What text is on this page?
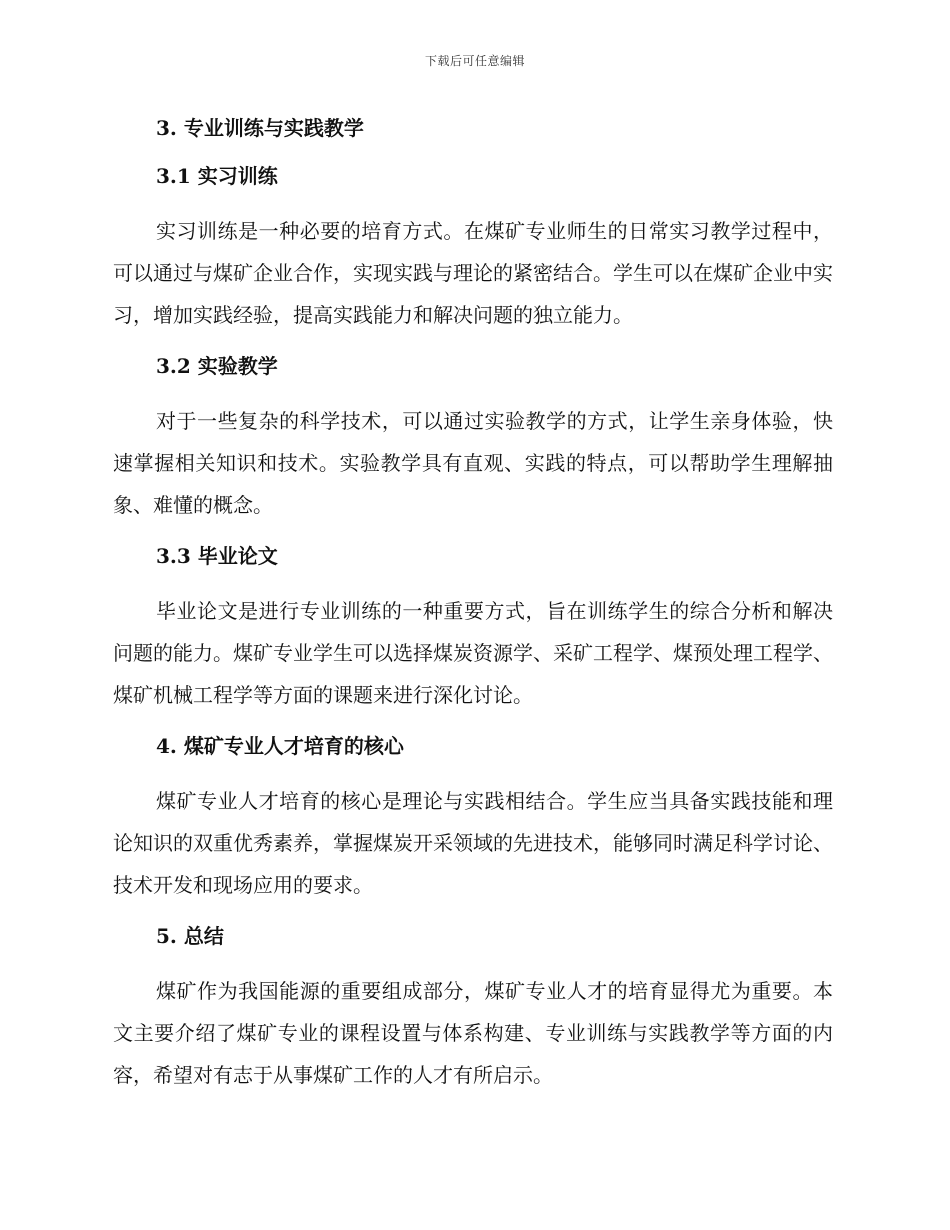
下载后可任意编辑
3. 专业训练与实践教学
3.1 实习训练

实习训练是一种必要的培育方式。在煤矿专业师生的日常实习教学过程中，可以通过与煤矿企业合作，实现实践与理论的紧密结合。学生可以在煤矿企业中实习，增加实践经验，提高实践能力和解决问题的独立能力。

3.2 实验教学

对于一些复杂的科学技术，可以通过实验教学的方式，让学生亲身体验，快速掌握相关知识和技术。实验教学具有直观、实践的特点，可以帮助学生理解抽象、难懂的概念。

3.3 毕业论文

毕业论文是进行专业训练的一种重要方式，旨在训练学生的综合分析和解决问题的能力。煤矿专业学生可以选择煤炭资源学、采矿工程学、煤预处理工程学、煤矿机械工程学等方面的课题来进行深化讨论。

4. 煤矿专业人才培育的核心

煤矿专业人才培育的核心是理论与实践相结合。学生应当具备实践技能和理论知识的双重优秀素养，掌握煤炭开采领域的先进技术，能够同时满足科学讨论、技术开发和现场应用的要求。

5. 总结

煤矿作为我国能源的重要组成部分，煤矿专业人才的培育显得尤为重要。本文主要介绍了煤矿专业的课程设置与体系构建、专业训练与实践教学等方面的内容，希望对有志于从事煤矿工作的人才有所启示。
